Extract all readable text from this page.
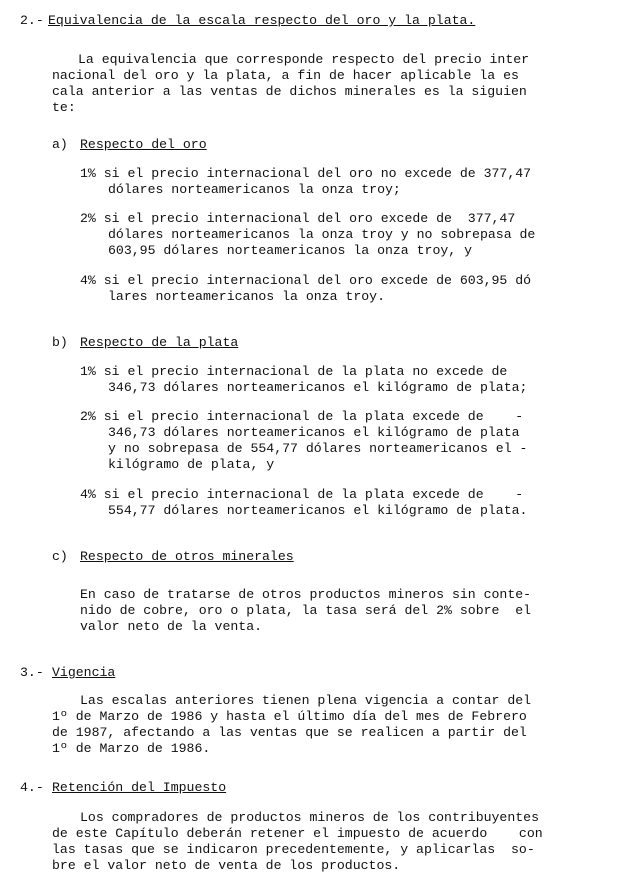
2.- Equivalencia de la escala respecto del oro y la plata.
La equivalencia que corresponde respecto del precio inter
nacional del oro y la plata, a fin de hacer aplicable la es
cala anterior a las ventas de dichos minerales es la siguien
te:
a) Respecto del oro
1% si el precio internacional del oro no excede de 377,47
dólares norteamericanos la onza troy;
2% si el precio internacional del oro excede de  377,47
dólares norteamericanos la onza troy y no sobrepasa de
603,95 dólares norteamericanos la onza troy, y
4% si el precio internacional del oro excede de 603,95 dó
lares norteamericanos la onza troy.
b) Respecto de la plata
1% si el precio internacional de la plata no excede de
346,73 dólares norteamericanos el kilógramo de plata;
2% si el precio internacional de la plata excede de    -
346,73 dólares norteamericanos el kilógramo de plata
y no sobrepasa de 554,77 dólares norteamericanos el -
kilógramo de plata, y
4% si el precio internacional de la plata excede de    -
554,77 dólares norteamericanos el kilógramo de plata.
c) Respecto de otros minerales
En caso de tratarse de otros productos mineros sin conte-
nido de cobre, oro o plata, la tasa será del 2% sobre  el
valor neto de la venta.
3.- Vigencia
Las escalas anteriores tienen plena vigencia a contar del
1º de Marzo de 1986 y hasta el último día del mes de Febrero
de 1987, afectando a las ventas que se realicen a partir del
1º de Marzo de 1986.
4.- Retención del Impuesto
Los compradores de productos mineros de los contribuyentes
de este Capítulo deberán retener el impuesto de acuerdo    con
las tasas que se indicaron precedentemente, y aplicarlas  so-
bre el valor neto de venta de los productos.
